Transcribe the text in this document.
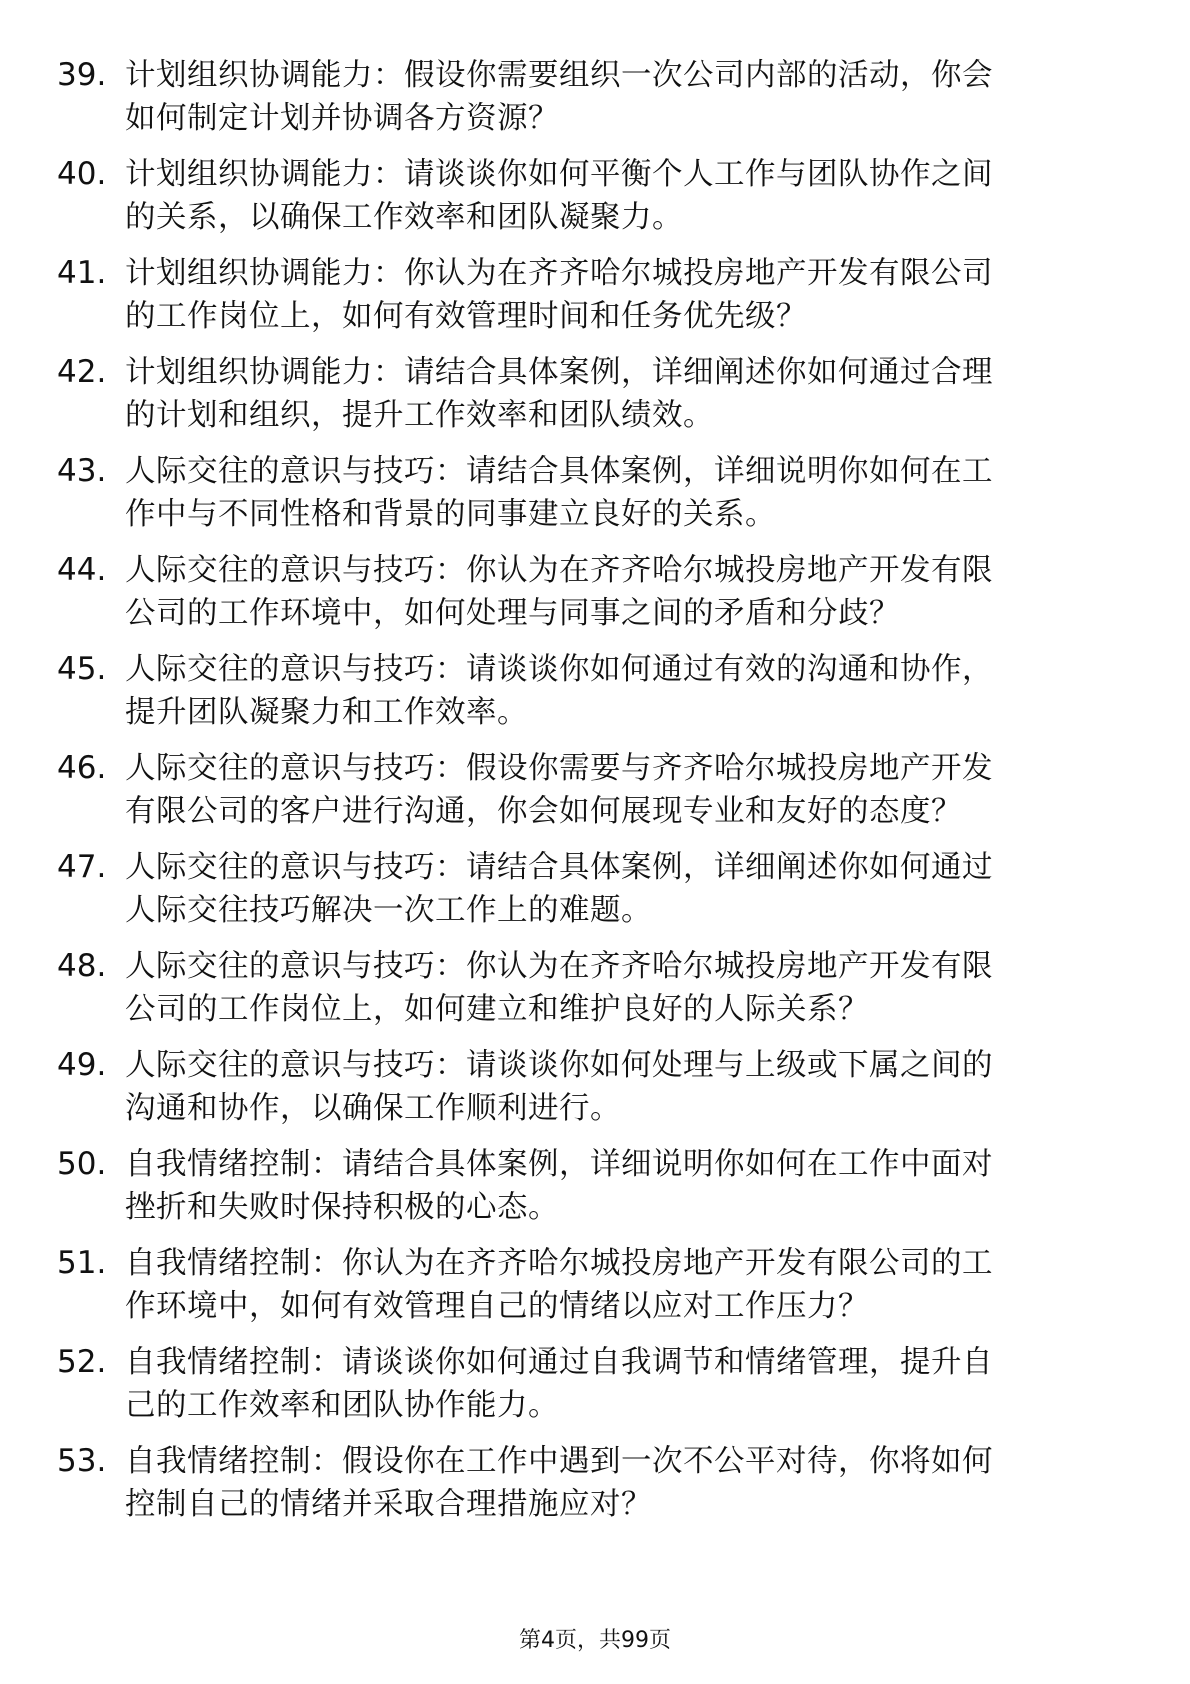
​
39. 计划组织协调能力：假设你需要组织一次公司内部的活动，你会
如何制定计划并协调各方资源？
40. 计划组织协调能力：请谈谈你如何平衡个人工作与团队协作之间
的关系，以确保工作效率和团队凝聚力。
41. 计划组织协调能力：你认为在齐齐哈尔城投房地产开发有限公司
的工作岗位上，如何有效管理时间和任务优先级？
42. 计划组织协调能力：请结合具体案例，详细阐述你如何通过合理
的计划和组织，提升工作效率和团队绩效。
43. 人际交往的意识与技巧：请结合具体案例，详细说明你如何在工
作中与不同性格和背景的同事建立良好的关系。
44. 人际交往的意识与技巧：你认为在齐齐哈尔城投房地产开发有限
公司的工作环境中，如何处理与同事之间的矛盾和分歧？
45. 人际交往的意识与技巧：请谈谈你如何通过有效的沟通和协作，
提升团队凝聚力和工作效率。
46. 人际交往的意识与技巧：假设你需要与齐齐哈尔城投房地产开发
有限公司的客户进行沟通，你会如何展现专业和友好的态度？
47. 人际交往的意识与技巧：请结合具体案例，详细阐述你如何通过
人际交往技巧解决一次工作上的难题。
48. 人际交往的意识与技巧：你认为在齐齐哈尔城投房地产开发有限
公司的工作岗位上，如何建立和维护良好的人际关系？
49. 人际交往的意识与技巧：请谈谈你如何处理与上级或下属之间的
沟通和协作，以确保工作顺利进行。
50. 自我情绪控制：请结合具体案例，详细说明你如何在工作中面对
挫折和失败时保持积极的心态。
51. 自我情绪控制：你认为在齐齐哈尔城投房地产开发有限公司的工
作环境中，如何有效管理自己的情绪以应对工作压力？
52. 自我情绪控制：请谈谈你如何通过自我调节和情绪管理，提升自
己的工作效率和团队协作能力。
53. 自我情绪控制：假设你在工作中遇到一次不公平对待，你将如何
控制自己的情绪并采取合理措施应对？
第4页，共99页
